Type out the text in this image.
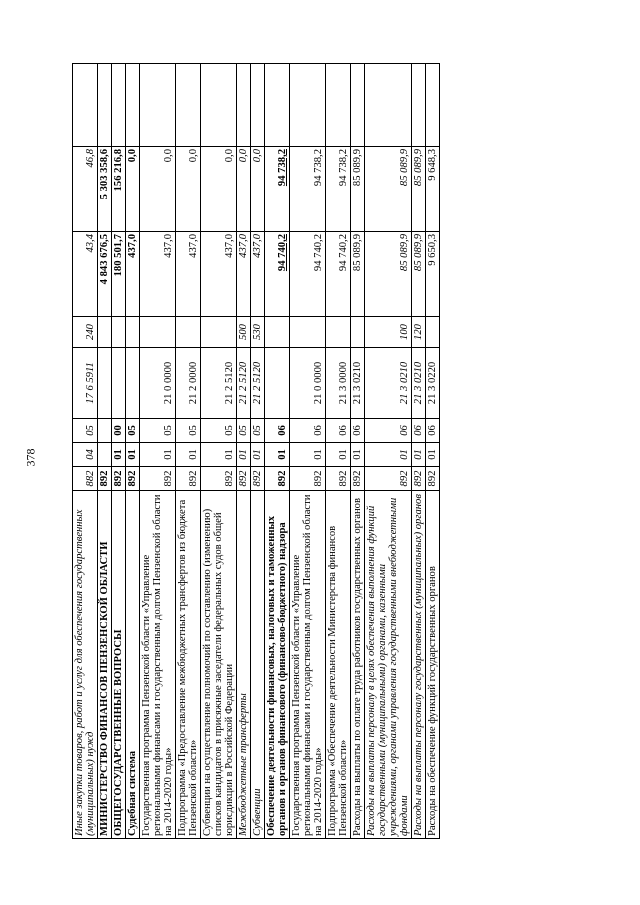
378
Иные закупки товаров, работ и услуг для обеспечения государственных (муниципальных) нужд	882	04	05	17 6 5911	240	43,4	46,8	
МИНИСТЕРСТВО ФИНАНСОВ ПЕНЗЕНСКОЙ ОБЛАСТИ	892					4 843 676,5	5 303 358,6	
ОБЩЕГОСУДАРСТВЕННЫЕ ВОПРОСЫ	892	01	00			180 501,7	156 216,8	
Судебная система	892	01	05			437,0	0,0	
Государственная программа Пензенской области «Управление региональными финансами и государственным долгом Пензенской области на 2014-2020 годы»	892	01	05	21 0 0000		437,0	0,0	
Подпрограмма «Предоставление межбюджетных трансфертов из бюджета Пензенской области»	892	01	05	21 2 0000		437,0	0,0	
Субвенции на осуществление полномочий по составлению (изменению) списков кандидатов в присяжные заседатели федеральных судов общей юрисдикции в Российской Федерации	892	01	05	21 2 5120		437,0	0,0	
Межбюджетные трансферты	892	01	05	21 2 5120	500	437,0	0,0	
Субвенции	892	01	05	21 2 5120	530	437,0	0,0	
Обеспечение деятельности финансовых, налоговых и таможенных органов и органов финансового (финансово-бюджетного) надзора	892	01	06			94 740,2	94 738,2	
Государственная программа Пензенской области «Управление региональными финансами и государственным долгом Пензенской области на 2014-2020 годы»	892	01	06	21 0 0000		94 740,2	94 738,2	
Подпрограмма «Обеспечение деятельности Министерства финансов Пензенской области»	892	01	06	21 3 0000		94 740,2	94 738,2	
Расходы на выплаты по оплате труда работников государственных органов	892	01	06	21 3 0210		85 089,9	85 089,9	
Расходы на выплаты персоналу в целях обеспечения выполнения функций государственными (муниципальными) органами, казенными учреждениями, органами управления государственными внебюджетными фондами	892	01	06	21 3 0210	100	85 089,9	85 089,9	
Расходы на выплаты персоналу государственных (муниципальных) органов	892	01	06	21 3 0210	120	85 089,9	85 089,9	
Расходы на обеспечение функций государственных органов	892	01	06	21 3 0220		9 650,3	9 648,3	
